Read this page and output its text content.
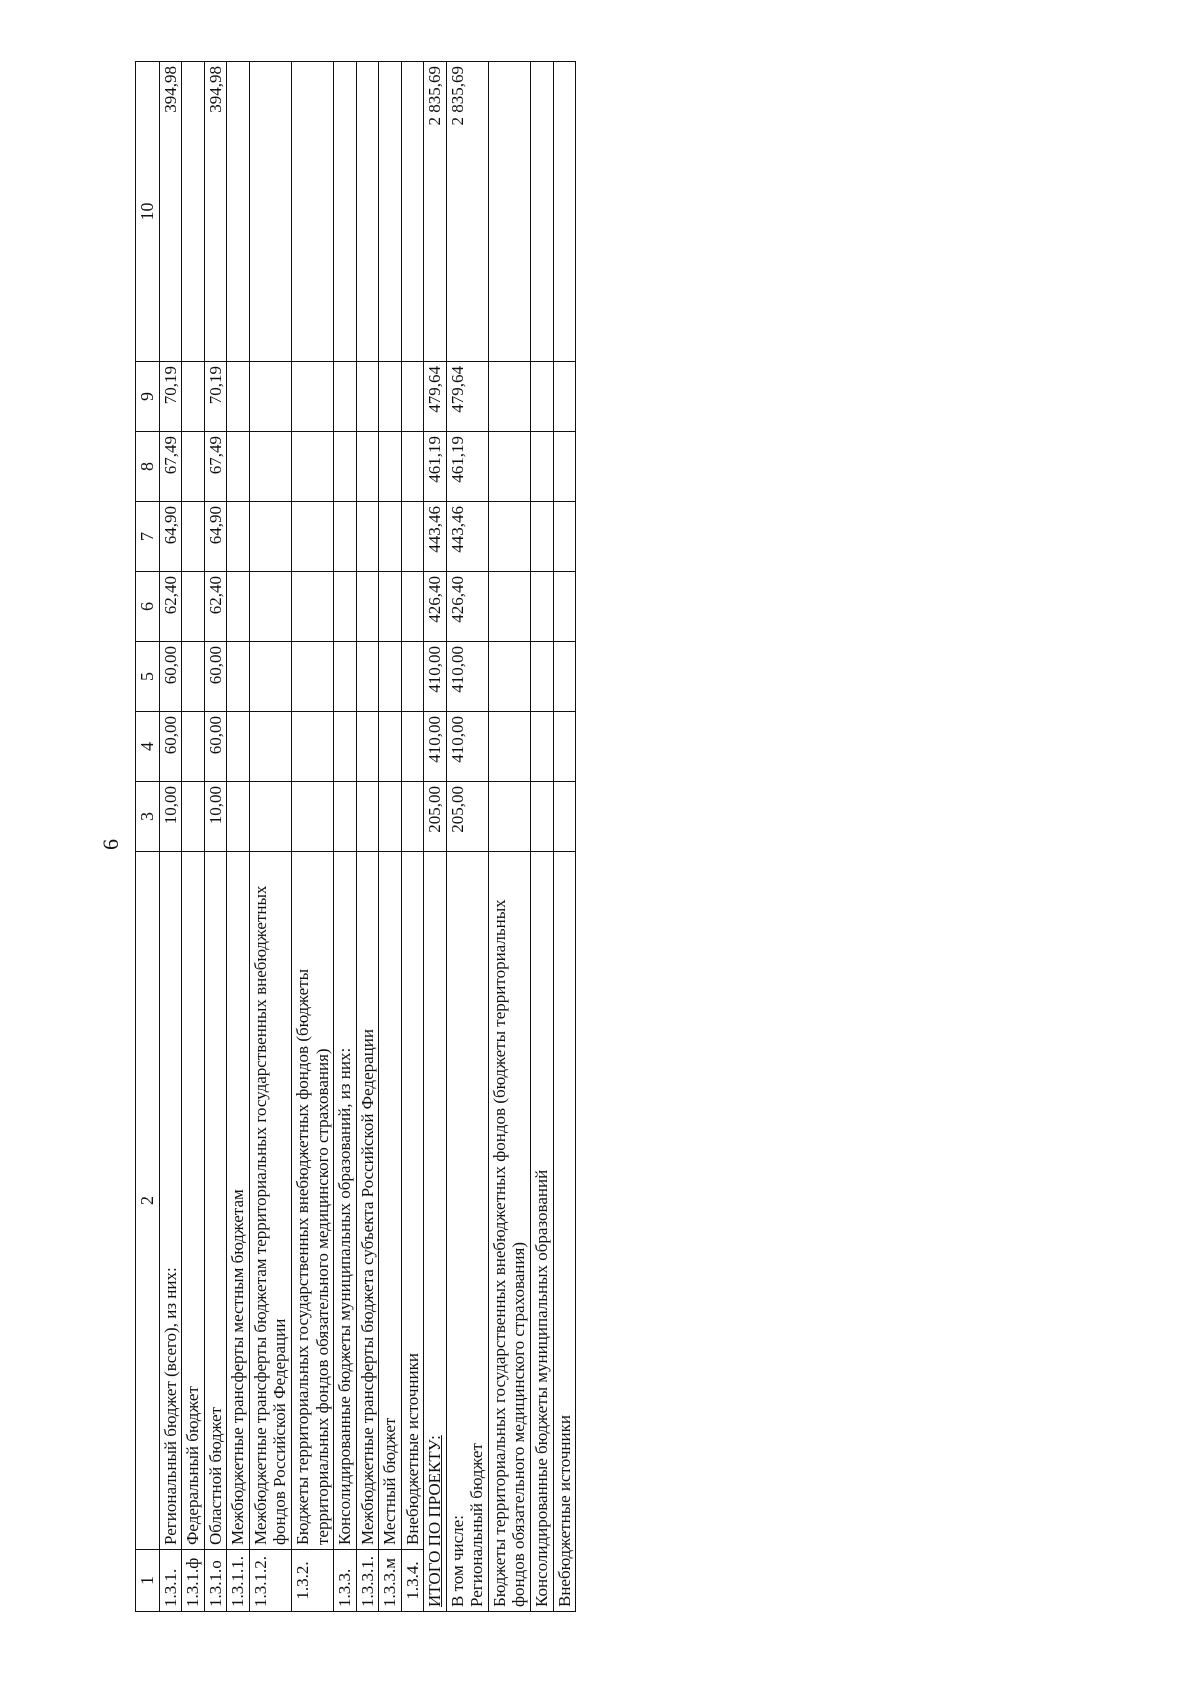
6
1	2	3	4	5	6	7	8	9	10
1.3.1.	Региональный бюджет (всего), из них:	10,00	60,00	60,00	62,40	64,90	67,49	70,19	394,98
1.3.1.ф	Федеральный бюджет								
1.3.1.о	Областной бюджет	10,00	60,00	60,00	62,40	64,90	67,49	70,19	394,98
1.3.1.1.	Межбюджетные трансферты местным бюджетам								
1.3.1.2.	Межбюджетные трансферты бюджетам территориальных государственных внебюджетных фондов Российской Федерации								
1.3.2.	Бюджеты территориальных государственных внебюджетных фондов (бюджеты территориальных фондов обязательного медицинского страхования)								
1.3.3.	Консолидированные бюджеты муниципальных образований, из них:								
1.3.3.1.	Межбюджетные трансферты бюджета субъекта Российской Федерации								
1.3.3.м	Местный бюджет								
1.3.4.	Внебюджетные источники								
ИТОГО ПО ПРОЕКТУ:		205,00	410,00	410,00	426,40	443,46	461,19	479,64	2 835,69

В том числе: Региональный бюджет		205,00	410,00	410,00	426,40	443,46	461,19	479,64	2 835,69
Бюджеты территориальных государственных внебюджетных фондов (бюджеты территориальных фондов обязательного медицинского страхования)									
Консолидированные бюджеты муниципальных образований									
Внебюджетные источники									
